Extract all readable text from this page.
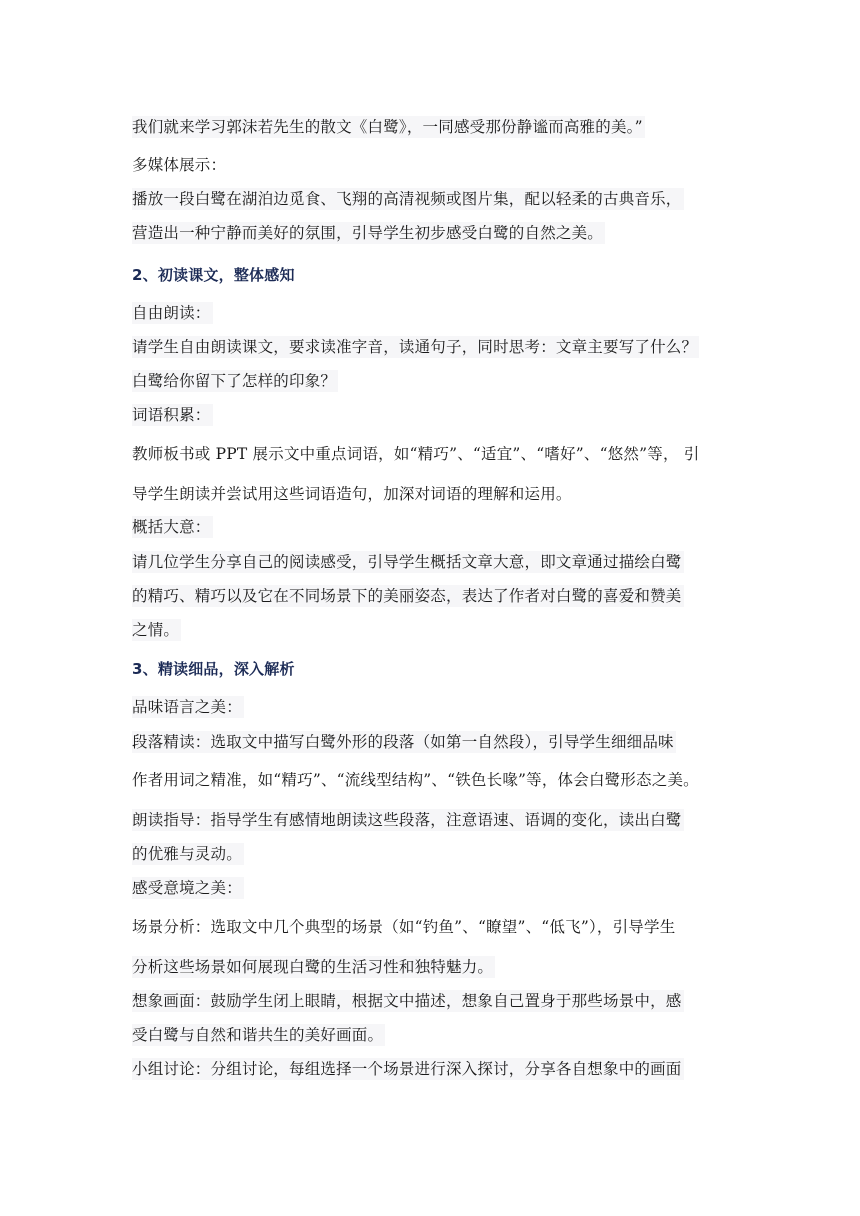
我们就来学习郭沫若先生的散文《白鹭》，一同感受那份静谧而高雅的美。”
多媒体展示：
播放一段白鹭在湖泊边觅食、飞翔的高清视频或图片集，配以轻柔的古典音乐，
营造出一种宁静而美好的氛围，引导学生初步感受白鹭的自然之美。
2、初读课文，整体感知
自由朗读：
请学生自由朗读课文，要求读准字音，读通句子，同时思考：文章主要写了什么？
白鹭给你留下了怎样的印象？
词语积累：
教师板书或 PPT 展示文中重点词语，如“精巧”、“适宜”、“嗜好”、“悠然”等， 引
导学生朗读并尝试用这些词语造句，加深对词语的理解和运用。
概括大意：
请几位学生分享自己的阅读感受，引导学生概括文章大意，即文章通过描绘白鹭
的精巧、精巧以及它在不同场景下的美丽姿态，表达了作者对白鹭的喜爱和赞美
之情。
3、精读细品，深入解析
品味语言之美：
段落精读：选取文中描写白鹭外形的段落（如第一自然段），引导学生细细品味
作者用词之精准，如“精巧”、“流线型结构”、“铁色长喙”等，体会白鹭形态之美。
朗读指导：指导学生有感情地朗读这些段落，注意语速、语调的变化，读出白鹭
的优雅与灵动。
感受意境之美：
场景分析：选取文中几个典型的场景（如“钓鱼”、“瞭望”、“低飞”），引导学生
分析这些场景如何展现白鹭的生活习性和独特魅力。
想象画面：鼓励学生闭上眼睛，根据文中描述，想象自己置身于那些场景中，感
受白鹭与自然和谐共生的美好画面。
小组讨论：分组讨论，每组选择一个场景进行深入探讨，分享各自想象中的画面
